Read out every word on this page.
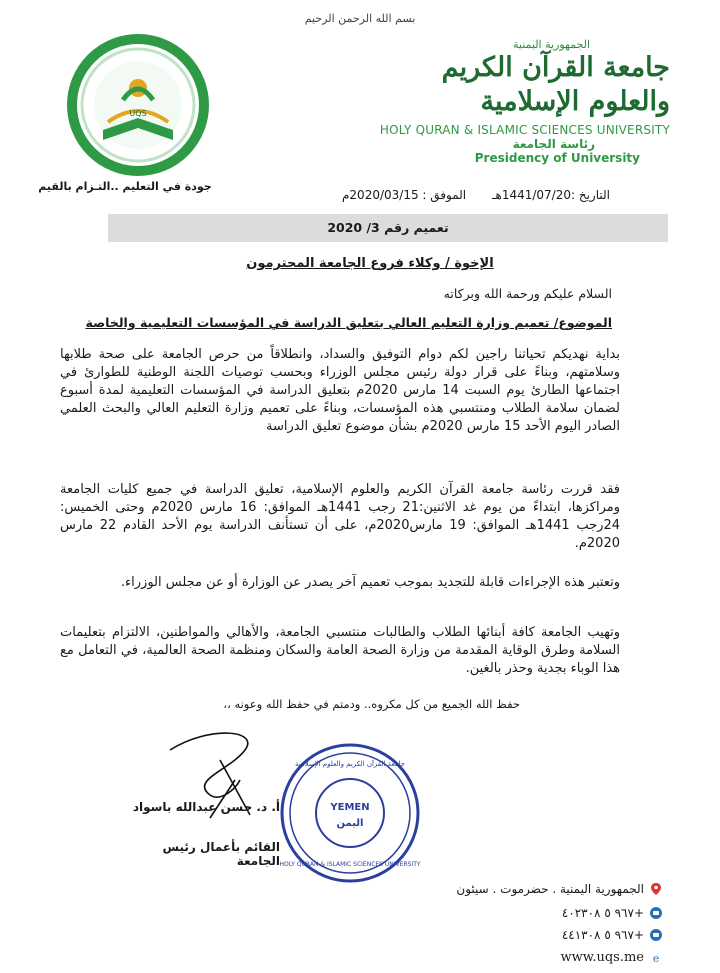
بسم الله الرحمن الرحيم
UQS
جودة في التعليم ..التـزام بالقيم
الجمهورية اليمنية
جامعة القرآن الكريم والعلوم الإسلامية
HOLY QURAN & ISLAMIC SCIENCES UNIVERSITY
رئاسة الجامعة
Presidency of University
التاريخ :1441/07/20هـ الموفق : 2020/03/15م
تعميم رقم 3/ 2020
الإخوة / وكلاء فروع الجامعة المحترمون
السلام عليكم ورحمة الله وبركاته
الموضوع/ تعميم وزارة التعليم العالي بتعليق الدراسة في المؤسسات التعليمية والخاصة
بداية نهديكم تحياتنا راجين لكم دوام التوفيق والسداد، وانطلاقاً من حرص الجامعة على صحة طلابها وسلامتهم، وبناءً على قرار دولة رئيس مجلس الوزراء وبحسب توصيات اللجنة الوطنية للطوارئ في اجتماعها الطارئ يوم السبت 14 مارس 2020م بتعليق الدراسة في المؤسسات التعليمية لمدة أسبوع لضمان سلامة الطلاب ومنتسبي هذه المؤسسات، وبناءً على تعميم وزارة التعليم العالي والبحث العلمي الصادر اليوم الأحد 15 مارس 2020م بشأن موضوع تعليق الدراسة
فقد قررت رئاسة جامعة القرآن الكريم والعلوم الإسلامية، تعليق الدراسة في جميع كليات الجامعة ومراكزها، ابتداءً من يوم غد الاثنين:21 رجب 1441هـ الموافق: 16 مارس 2020م وحتى الخميس: 24رجب 1441هـ الموافق: 19 مارس2020م، على أن تستأنف الدراسة يوم الأحد القادم 22 مارس 2020م.
وتعتبر هذه الإجراءات قابلة للتجديد بموجب تعميم آخر يصدر عن الوزارة أو عن مجلس الوزراء.
وتهيب الجامعة كافة أبنائها الطلاب والطالبات منتسبي الجامعة، والأهالي والمواطنين، الالتزام بتعليمات السلامة وطرق الوقاية المقدمة من وزارة الصحة العامة والسكان ومنظمة الصحة العالمية، في التعامل مع هذا الوباء بجدية وحذر بالغين.
حفظ الله الجميع من كل مكروه.. ودمتم في حفظ الله وعونه ،،
YEMEN
اليمن
جامعة القرآن الكريم والعلوم الإسلامية
HOLY QURAN & ISLAMIC SCIENCES UNIVERSITY
أ. د. حسن عبدالله باسواد
القائم بأعمال رئيس الجامعة
الجمهورية اليمنية . حضرموت . سيئون
+٩٦٧ ٥ ٤٠٢٣٠٨
+٩٦٧ ٥ ٤٤١٣٠٨
e
www.uqs.me
